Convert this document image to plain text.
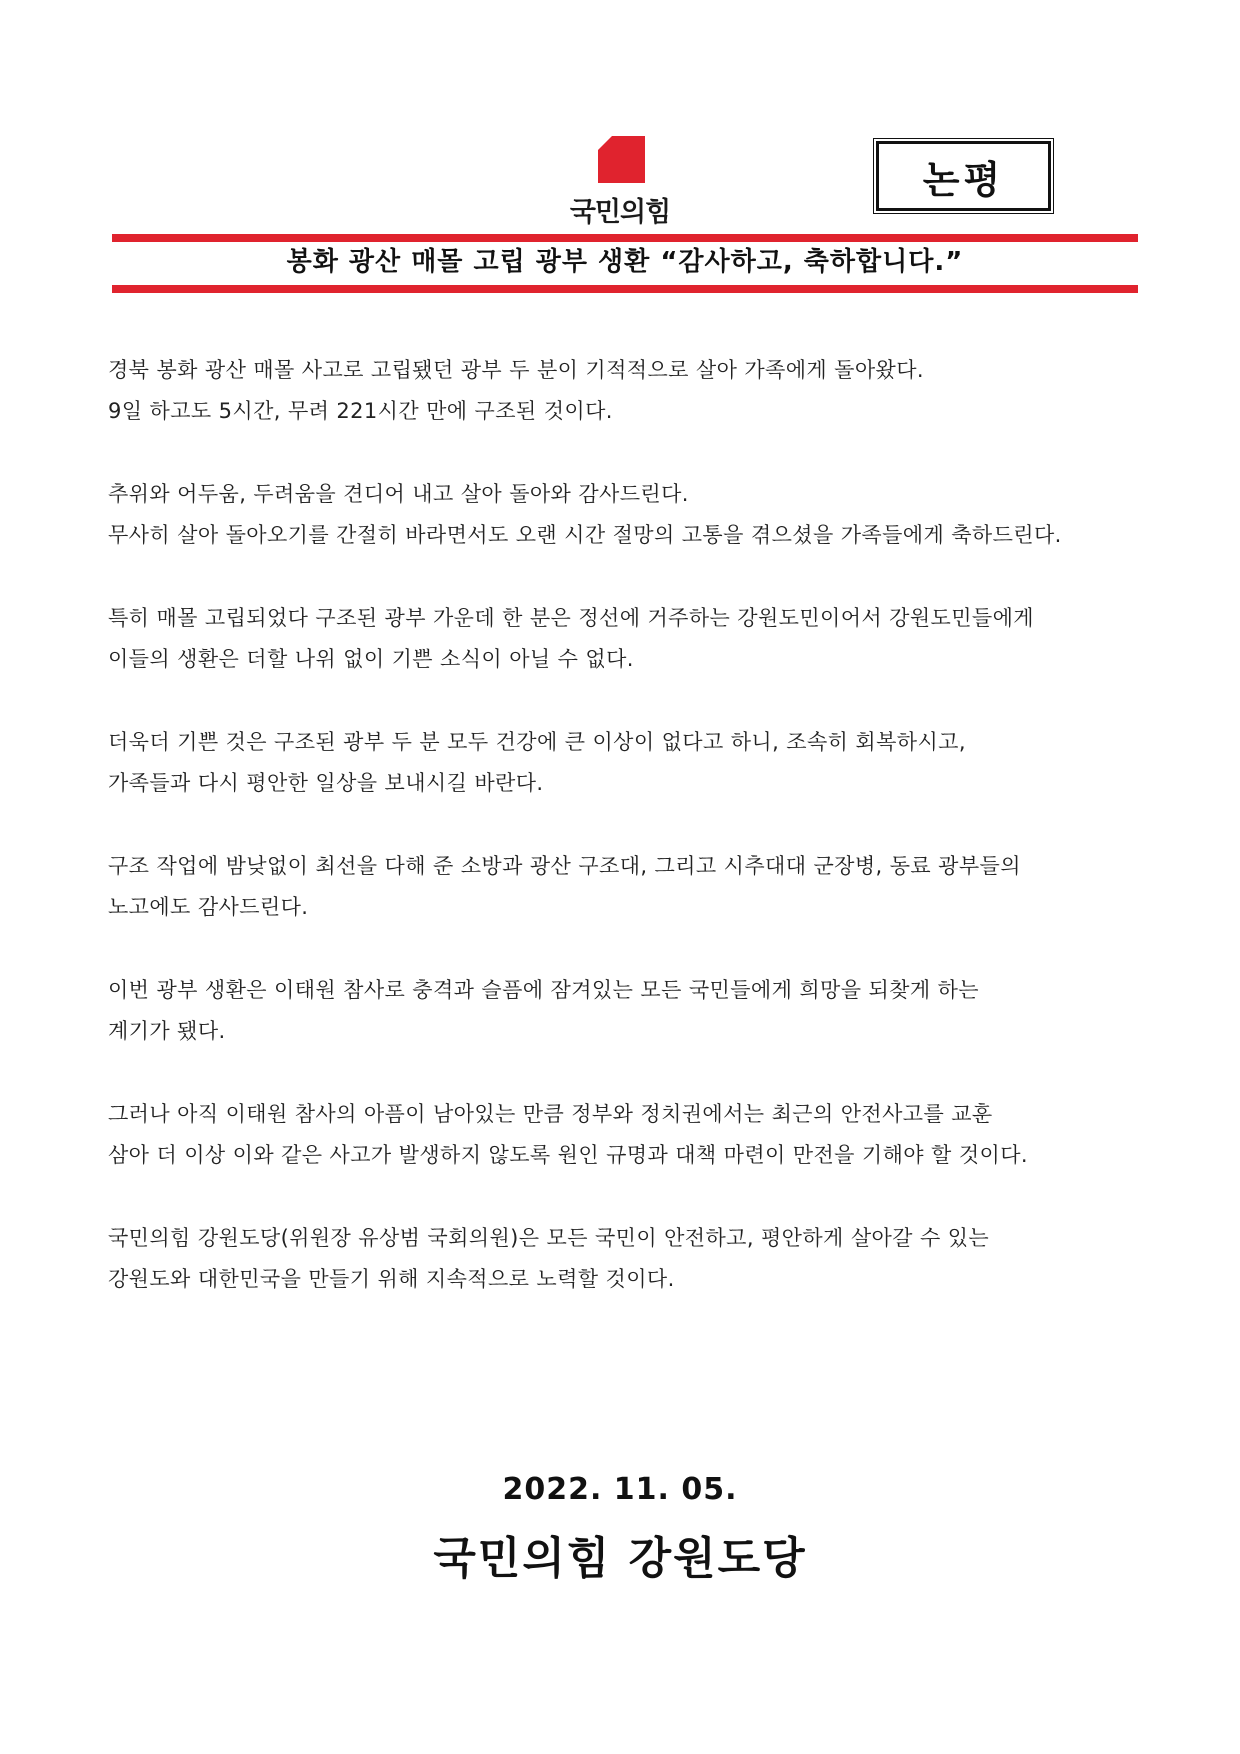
국민의힘
논평
봉화 광산 매몰 고립 광부 생환 “감사하고, 축하합니다.”
경북 봉화 광산 매몰 사고로 고립됐던 광부 두 분이 기적적으로 살아 가족에게 돌아왔다.
9일 하고도 5시간, 무려 221시간 만에 구조된 것이다.
추위와 어두움, 두려움을 견디어 내고 살아 돌아와 감사드린다.
무사히 살아 돌아오기를 간절히 바라면서도 오랜 시간 절망의 고통을 겪으셨을 가족들에게 축하드린다.
특히 매몰 고립되었다 구조된 광부 가운데 한 분은 정선에 거주하는 강원도민이어서 강원도민들에게
이들의 생환은 더할 나위 없이 기쁜 소식이 아닐 수 없다.
더욱더 기쁜 것은 구조된 광부 두 분 모두 건강에 큰 이상이 없다고 하니, 조속히 회복하시고,
가족들과 다시 평안한 일상을 보내시길 바란다.
구조 작업에 밤낮없이 최선을 다해 준 소방과 광산 구조대, 그리고 시추대대 군장병, 동료 광부들의
노고에도 감사드린다.
이번 광부 생환은 이태원 참사로 충격과 슬픔에 잠겨있는 모든 국민들에게 희망을 되찾게 하는
계기가 됐다.
그러나 아직 이태원 참사의 아픔이 남아있는 만큼 정부와 정치권에서는 최근의 안전사고를 교훈
삼아 더 이상 이와 같은 사고가 발생하지 않도록 원인 규명과 대책 마련이 만전을 기해야 할 것이다.
국민의힘 강원도당(위원장 유상범 국회의원)은 모든 국민이 안전하고, 평안하게 살아갈 수 있는
강원도와 대한민국을 만들기 위해 지속적으로 노력할 것이다.
2022. 11. 05.
국민의힘 강원도당
